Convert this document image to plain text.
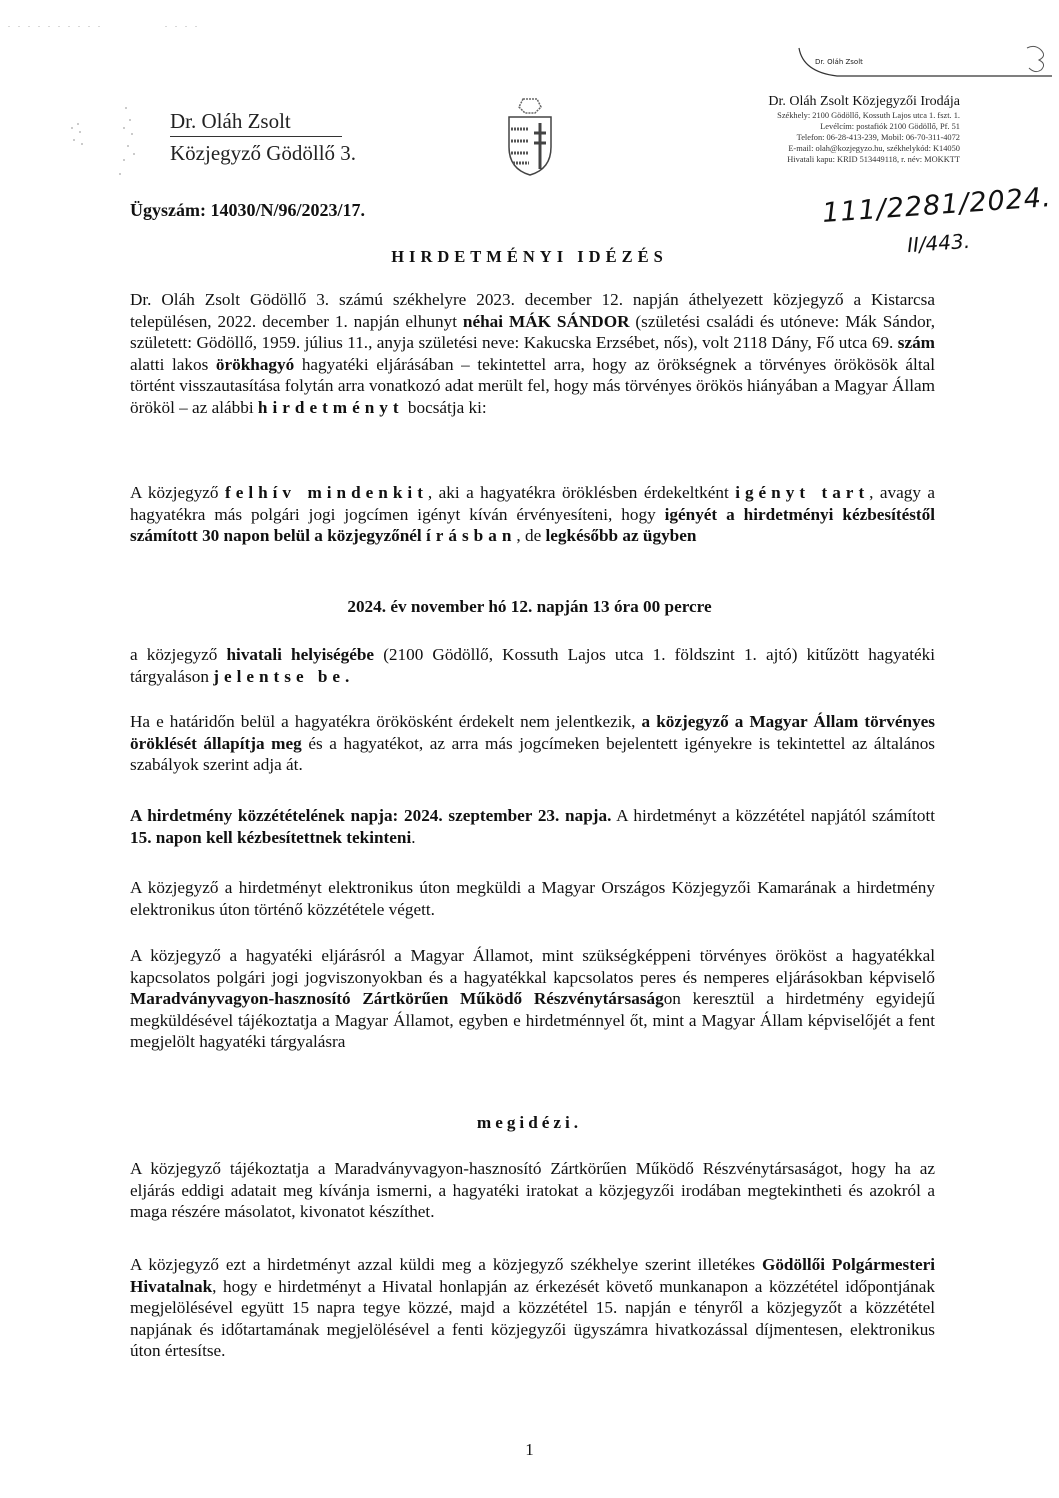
. . . . . . . . . .	. . . .
Dr. Oláh Zsolt
Dr. Oláh Zsolt
Közjegyző Gödöllő 3.
Dr. Oláh Zsolt Közjegyzői Irodája
Székhely: 2100 Gödöllő, Kossuth Lajos utca 1. fszt. 1.
Levélcím: postafiók 2100 Gödöllő, Pf. 51
Telefon: 06-28-413-239, Mobil: 06-70-311-4072
E-mail: olah@kozjegyzo.hu, székhelykód: K14050
Hivatali kapu: KRID 513449118, r. név: MOKKTT
111/2281/2024.
II/443.
Ügyszám: 14030/N/96/2023/17.
HIRDETMÉNYI IDÉZÉS
Dr. Oláh Zsolt Gödöllő 3. számú székhelyre 2023. december 12. napján áthelyezett közjegyző a Kistarcsa településen, 2022. december 1. napján elhunyt néhai MÁK SÁNDOR (születési családi és utóneve: Mák Sándor, született: Gödöllő, 1959. július 11., anyja születési neve: Kakucska Erzsébet, nős), volt 2118 Dány, Fő utca 69. szám alatti lakos örökhagyó hagyatéki eljárásában – tekintettel arra, hogy az örökségnek a törvényes örökösök által történt visszautasítása folytán arra vonatkozó adat merült fel, hogy más törvényes örökös hiányában a Magyar Állam örököl – az alábbi hirdetményt bocsátja ki:
A közjegyző felhív mindenkit, aki a hagyatékra öröklésben érdekeltként igényt tart, avagy a hagyatékra más polgári jogi jogcímen igényt kíván érvényesíteni, hogy igényét a hirdetményi kézbesítéstől számított 30 napon belül a közjegyzőnél írásban, de legkésőbb az ügyben
2024. év november hó 12. napján 13 óra 00 percre
a közjegyző hivatali helyiségébe (2100 Gödöllő, Kossuth Lajos utca 1. földszint 1. ajtó) kitűzött hagyatéki tárgyaláson jelentse be.
Ha e határidőn belül a hagyatékra örökösként érdekelt nem jelentkezik, a közjegyző a Magyar Állam törvényes öröklését állapítja meg és a hagyatékot, az arra más jogcímeken bejelentett igényekre is tekintettel az általános szabályok szerint adja át.
A hirdetmény közzétételének napja: 2024. szeptember 23. napja. A hirdetményt a közzététel napjától számított 15. napon kell kézbesítettnek tekinteni.
A közjegyző a hirdetményt elektronikus úton megküldi a Magyar Országos Közjegyzői Kamarának a hirdetmény elektronikus úton történő közzététele végett.
A közjegyző a hagyatéki eljárásról a Magyar Államot, mint szükségképpeni törvényes örököst a hagyatékkal kapcsolatos polgári jogi jogviszonyokban és a hagyatékkal kapcsolatos peres és nemperes eljárásokban képviselő Maradványvagyon-hasznosító Zártkörűen Működő Részvénytársaságon keresztül a hirdetmény egyidejű megküldésével tájékoztatja a Magyar Államot, egyben e hirdetménnyel őt, mint a Magyar Állam képviselőjét a fent megjelölt hagyatéki tárgyalásra
megidézi.
A közjegyző tájékoztatja a Maradványvagyon-hasznosító Zártkörűen Működő Részvénytársaságot, hogy ha az eljárás eddigi adatait meg kívánja ismerni, a hagyatéki iratokat a közjegyzői irodában megtekintheti és azokról a maga részére másolatot, kivonatot készíthet.
A közjegyző ezt a hirdetményt azzal küldi meg a közjegyző székhelye szerint illetékes Gödöllői Polgármesteri Hivatalnak, hogy e hirdetményt a Hivatal honlapján az érkezését követő munkanapon a közzététel időpontjának megjelölésével együtt 15 napra tegye közzé, majd a közzététel 15. napján e tényről a közjegyzőt a közzététel napjának és időtartamának megjelölésével a fenti közjegyzői ügyszámra hivatkozással díjmentesen, elektronikus úton értesítse.
1
